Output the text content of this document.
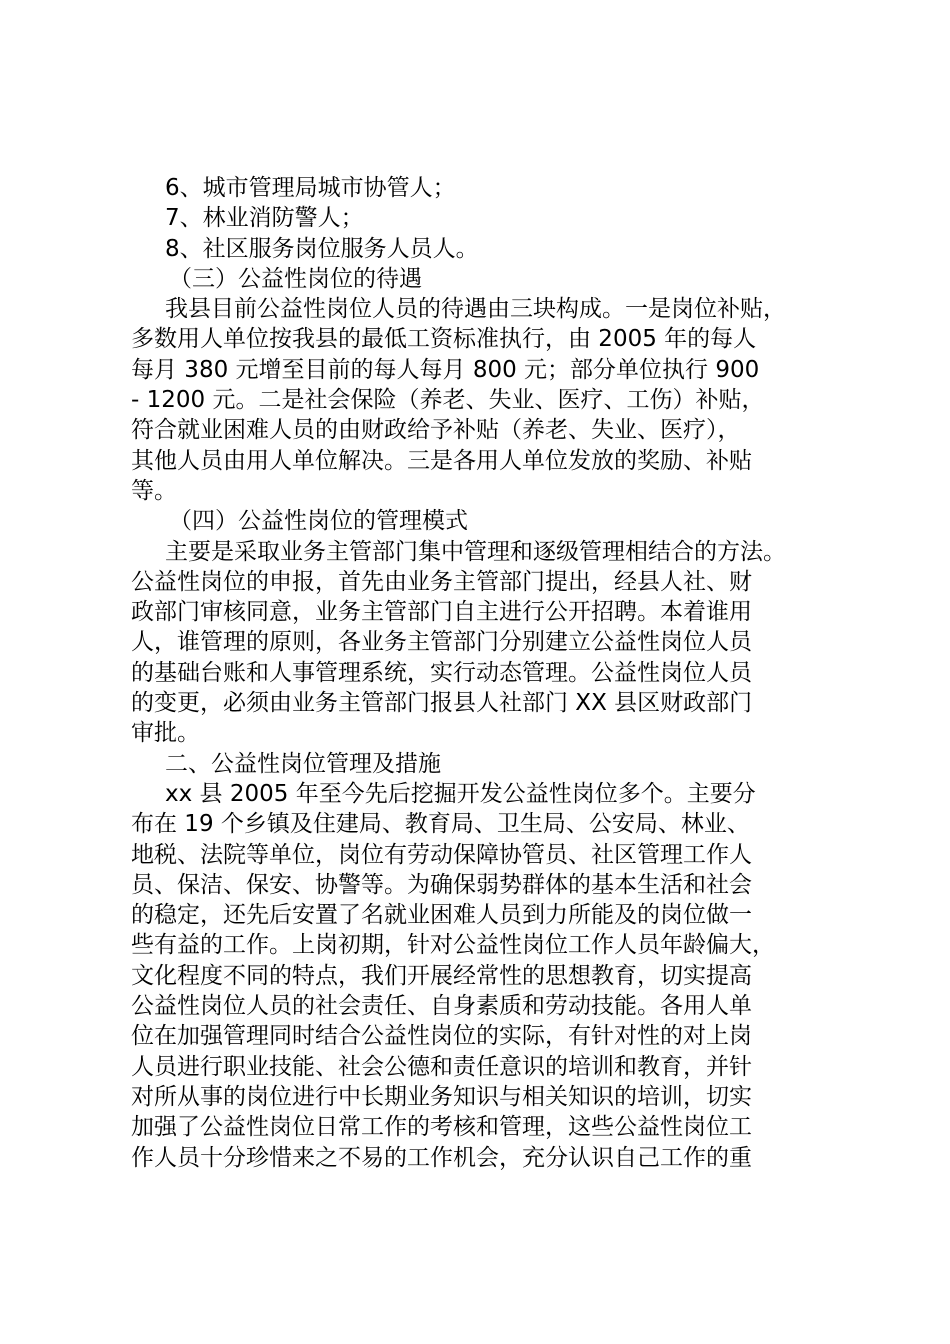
6、城市管理局城市协管人；
7、林业消防警人；
8、社区服务岗位服务人员人。
（三）公益性岗位的待遇
我县目前公益性岗位人员的待遇由三块构成。一是岗位补贴，
多数用人单位按我县的最低工资标准执行，由 2005 年的每人
每月 380 元增至目前的每人每月 800 元；部分单位执行 900
- 1200 元。二是社会保险（养老、失业、医疗、工伤）补贴，
符合就业困难人员的由财政给予补贴（养老、失业、医疗），
其他人员由用人单位解决。三是各用人单位发放的奖励、补贴
等。
（四）公益性岗位的管理模式
主要是采取业务主管部门集中管理和逐级管理相结合的方法。
公益性岗位的申报，首先由业务主管部门提出，经县人社、财
政部门审核同意，业务主管部门自主进行公开招聘。本着谁用
人，谁管理的原则，各业务主管部门分别建立公益性岗位人员
的基础台账和人事管理系统，实行动态管理。公益性岗位人员
的变更，必须由业务主管部门报县人社部门 XX 县区财政部门
审批。
二、公益性岗位管理及措施
xx 县 2005 年至今先后挖掘开发公益性岗位多个。主要分
布在 19 个乡镇及住建局、教育局、卫生局、公安局、林业、
地税、法院等单位，岗位有劳动保障协管员、社区管理工作人
员、保洁、保安、协警等。为确保弱势群体的基本生活和社会
的稳定，还先后安置了名就业困难人员到力所能及的岗位做一
些有益的工作。上岗初期，针对公益性岗位工作人员年龄偏大，
文化程度不同的特点，我们开展经常性的思想教育，切实提高
公益性岗位人员的社会责任、自身素质和劳动技能。各用人单
位在加强管理同时结合公益性岗位的实际，有针对性的对上岗
人员进行职业技能、社会公德和责任意识的培训和教育，并针
对所从事的岗位进行中长期业务知识与相关知识的培训，切实
加强了公益性岗位日常工作的考核和管理，这些公益性岗位工
作人员十分珍惜来之不易的工作机会，充分认识自己工作的重
